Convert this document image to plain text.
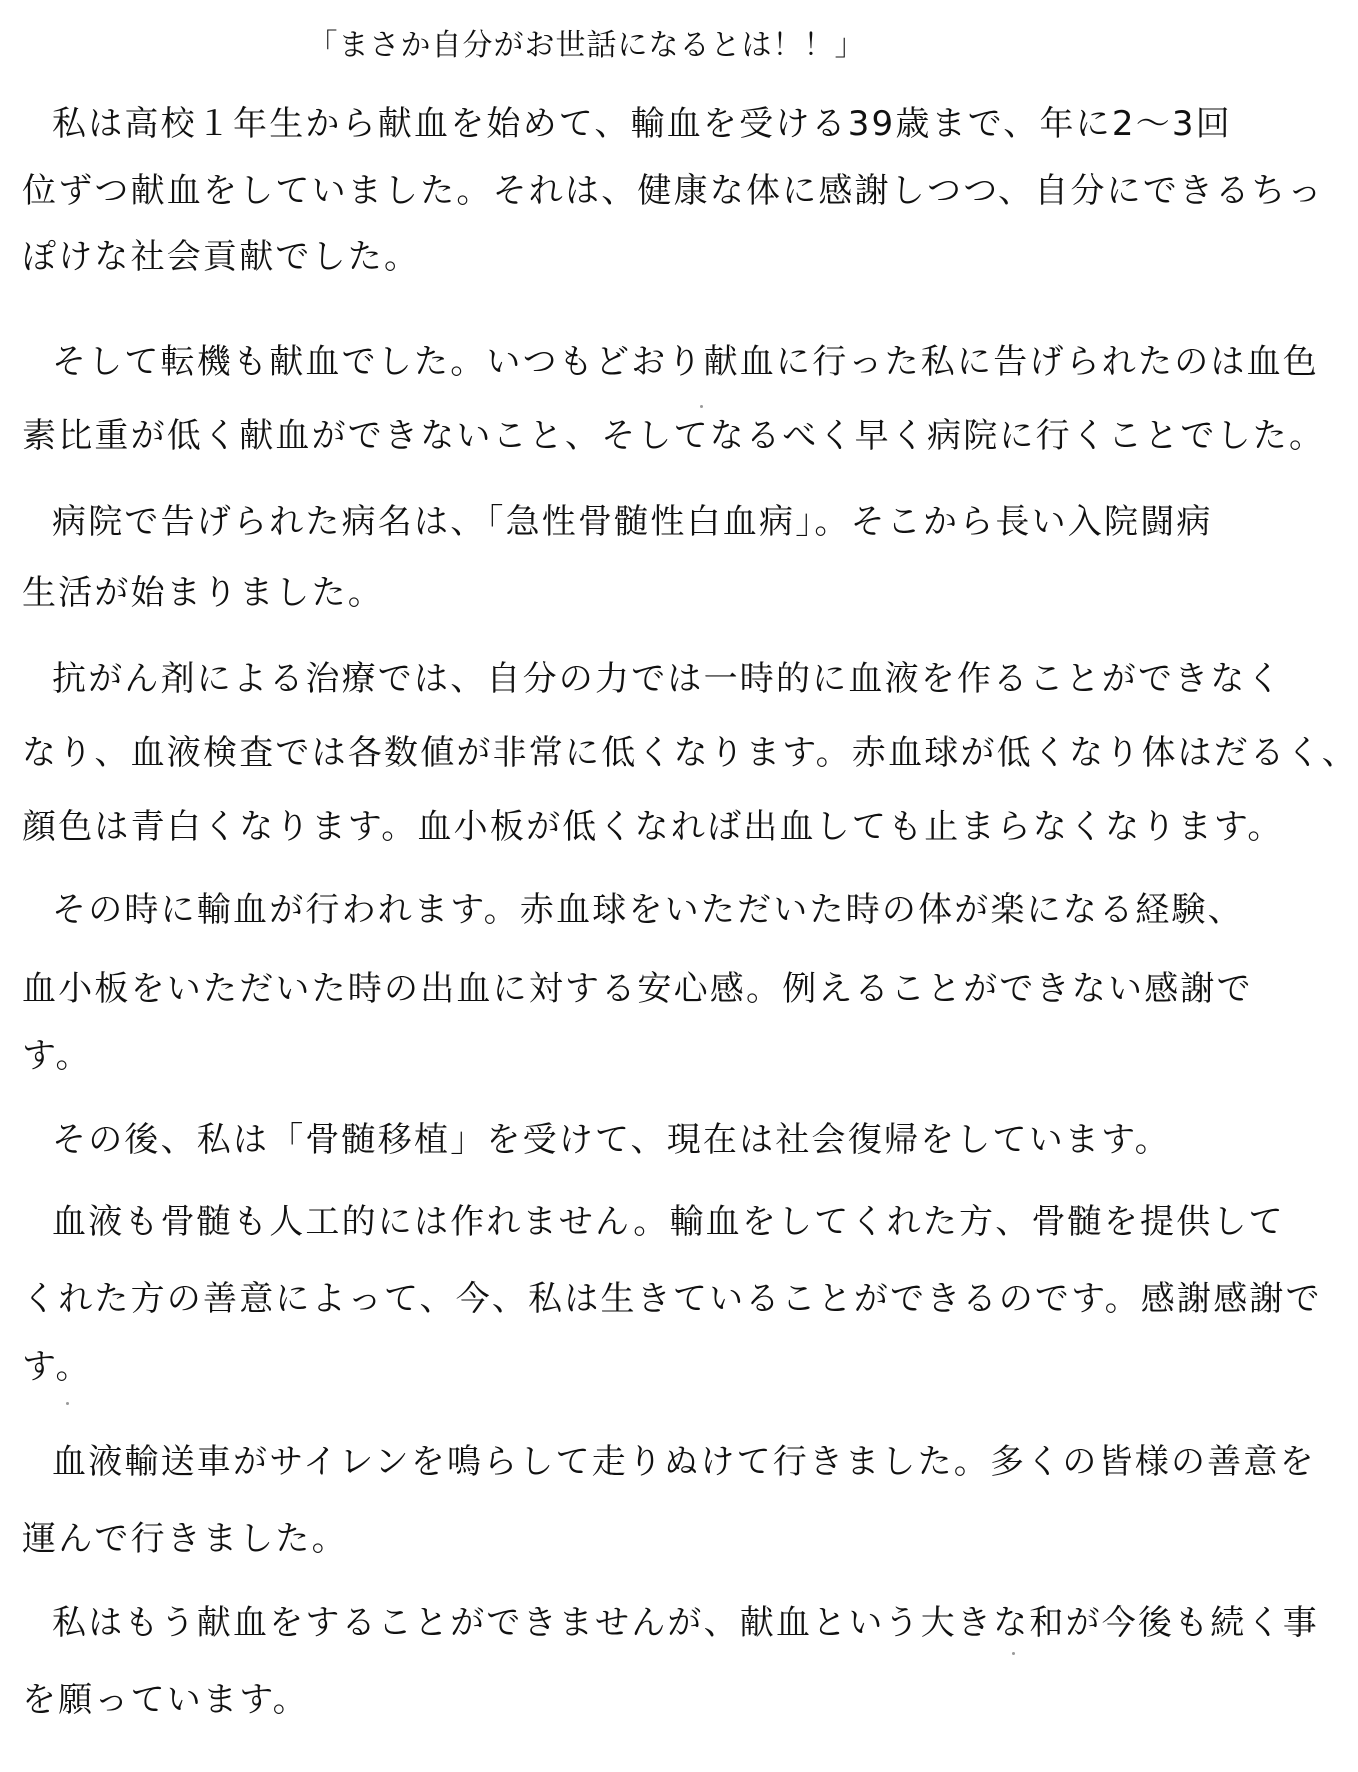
「まさか自分がお世話になるとは！！」
私は高校１年生から献血を始めて、輸血を受ける39歳まで、年に2～3回
位ずつ献血をしていました。それは、健康な体に感謝しつつ、自分にできるちっ
ぽけな社会貢献でした。
そして転機も献血でした。いつもどおり献血に行った私に告げられたのは血色
素比重が低く献血ができないこと、そしてなるべく早く病院に行くことでした。
病院で告げられた病名は、「急性骨髄性白血病」。そこから長い入院闘病
生活が始まりました。
抗がん剤による治療では、自分の力では一時的に血液を作ることができなく
なり、血液検査では各数値が非常に低くなります。赤血球が低くなり体はだるく、
顔色は青白くなります。血小板が低くなれば出血しても止まらなくなります。
その時に輸血が行われます。赤血球をいただいた時の体が楽になる経験、
血小板をいただいた時の出血に対する安心感。例えることができない感謝で
す。
その後、私は「骨髄移植」を受けて、現在は社会復帰をしています。
血液も骨髄も人工的には作れません。輸血をしてくれた方、骨髄を提供して
くれた方の善意によって、今、私は生きていることができるのです。感謝感謝で
す。
血液輸送車がサイレンを鳴らして走りぬけて行きました。多くの皆様の善意を
運んで行きました。
私はもう献血をすることができませんが、献血という大きな和が今後も続く事
を願っています。
